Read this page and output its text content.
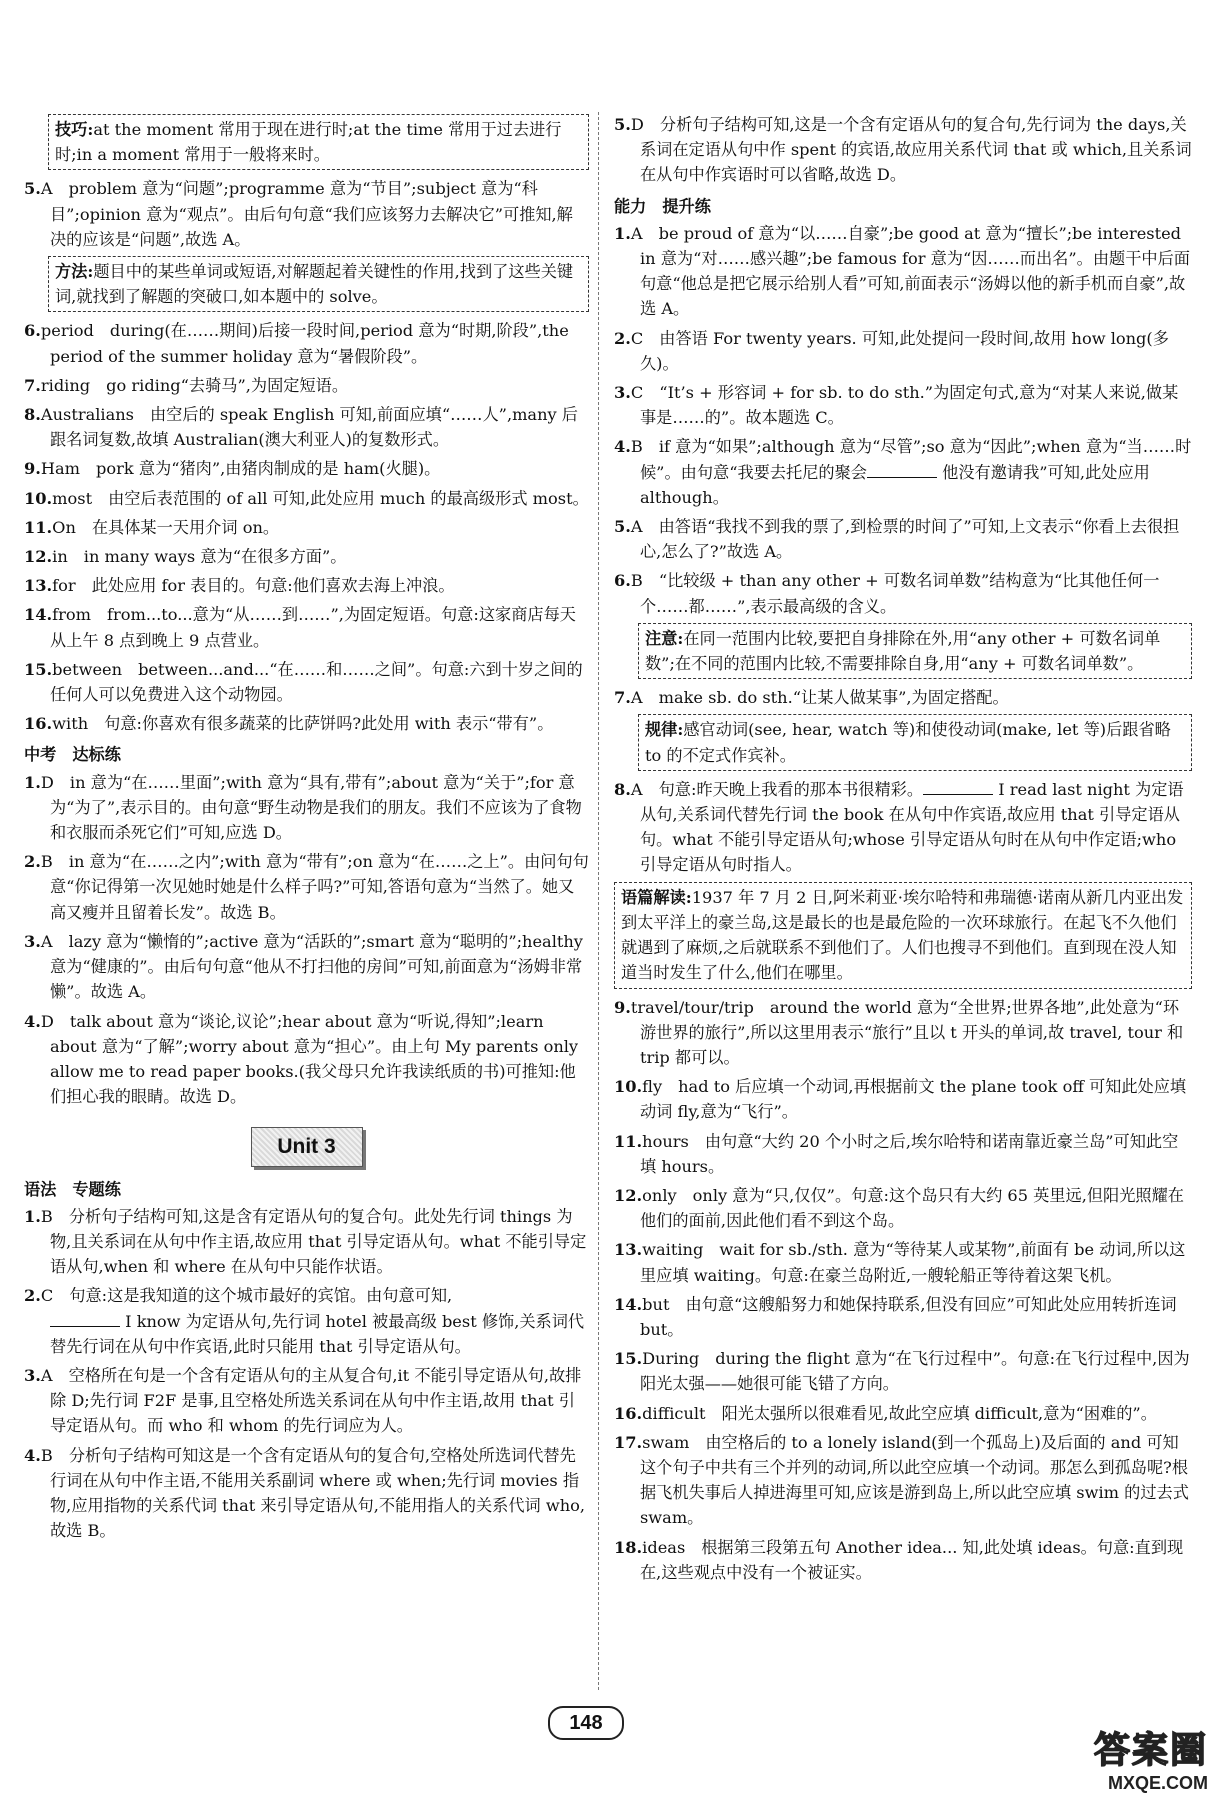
技巧:at the moment 常用于现在进行时;at the time 常用于过去进行时;in a moment 常用于一般将来时。
5.A problem 意为“问题”;programme 意为“节目”;subject 意为“科目”;opinion 意为“观点”。由后句句意“我们应该努力去解决它”可推知,解决的应该是“问题”,故选 A。
方法:题目中的某些单词或短语,对解题起着关键性的作用,找到了这些关键词,就找到了解题的突破口,如本题中的 solve。
6.period during(在……期间)后接一段时间,period 意为“时期,阶段”,the period of the summer holiday 意为“暑假阶段”。
7.riding go riding“去骑马”,为固定短语。
8.Australians 由空后的 speak English 可知,前面应填“……人”,many 后跟名词复数,故填 Australian(澳大利亚人)的复数形式。
9.Ham pork 意为“猪肉”,由猪肉制成的是 ham(火腿)。
10.most 由空后表范围的 of all 可知,此处应用 much 的最高级形式 most。
11.On 在具体某一天用介词 on。
12.in in many ways 意为“在很多方面”。
13.for 此处应用 for 表目的。句意:他们喜欢去海上冲浪。
14.from from...to...意为“从……到……”,为固定短语。句意:这家商店每天从上午 8 点到晚上 9 点营业。
15.between between...and...“在……和……之间”。句意:六到十岁之间的任何人可以免费进入这个动物园。
16.with 句意:你喜欢有很多蔬菜的比萨饼吗?此处用 with 表示“带有”。
中考 达标练
1.D in 意为“在……里面”;with 意为“具有,带有”;about 意为“关于”;for 意为“为了”,表示目的。由句意“野生动物是我们的朋友。我们不应该为了食物和衣服而杀死它们”可知,应选 D。
2.B in 意为“在……之内”;with 意为“带有”;on 意为“在……之上”。由问句句意“你记得第一次见她时她是什么样子吗?”可知,答语句意为“当然了。她又高又瘦并且留着长发”。故选 B。
3.A lazy 意为“懒惰的”;active 意为“活跃的”;smart 意为“聪明的”;healthy 意为“健康的”。由后句句意“他从不打扫他的房间”可知,前面意为“汤姆非常懒”。故选 A。
4.D talk about 意为“谈论,议论”;hear about 意为“听说,得知”;learn about 意为“了解”;worry about 意为“担心”。由上句 My parents only allow me to read paper books.(我父母只允许我读纸质的书)可推知:他们担心我的眼睛。故选 D。
Unit 3
语法 专题练
1.B 分析句子结构可知,这是含有定语从句的复合句。此处先行词 things 为物,且关系词在从句中作主语,故应用 that 引导定语从句。what 不能引导定语从句,when 和 where 在从句中只能作状语。
2.C 句意:这是我知道的这个城市最好的宾馆。由句意可知,
I know 为定语从句,先行词 hotel 被最高级 best 修饰,关系词代替先行词在从句中作宾语,此时只能用 that 引导定语从句。
3.A 空格所在句是一个含有定语从句的主从复合句,it 不能引导定语从句,故排除 D;先行词 F2F 是事,且空格处所选关系词在从句中作主语,故用 that 引导定语从句。而 who 和 whom 的先行词应为人。
4.B 分析句子结构可知这是一个含有定语从句的复合句,空格处所选词代替先行词在从句中作主语,不能用关系副词 where 或 when;先行词 movies 指物,应用指物的关系代词 that 来引导定语从句,不能用指人的关系代词 who,故选 B。
5.D 分析句子结构可知,这是一个含有定语从句的复合句,先行词为 the days,关系词在定语从句中作 spent 的宾语,故应用关系代词 that 或 which,且关系词在从句中作宾语时可以省略,故选 D。
能力 提升练
1.A be proud of 意为“以……自豪”;be good at 意为“擅长”;be interested in 意为“对……感兴趣”;be famous for 意为“因……而出名”。由题干中后面句意“他总是把它展示给别人看”可知,前面表示“汤姆以他的新手机而自豪”,故选 A。
2.C 由答语 For twenty years. 可知,此处提问一段时间,故用 how long(多久)。
3.C “It’s + 形容词 + for sb. to do sth.”为固定句式,意为“对某人来说,做某事是……的”。故本题选 C。
4.B if 意为“如果”;although 意为“尽管”;so 意为“因此”;when 意为“当……时候”。由句意“我要去托尼的聚会	他没有邀请我”可知,此处应用 although。
5.A 由答语“我找不到我的票了,到检票的时间了”可知,上文表示“你看上去很担心,怎么了?”故选 A。
6.B “比较级 + than any other + 可数名词单数”结构意为“比其他任何一个……都……”,表示最高级的含义。
注意:在同一范围内比较,要把自身排除在外,用“any other + 可数名词单数”;在不同的范围内比较,不需要排除自身,用“any + 可数名词单数”。
7.A make sb. do sth.“让某人做某事”,为固定搭配。
规律:感官动词(see, hear, watch 等)和使役动词(make, let 等)后跟省略 to 的不定式作宾补。
8.A 句意:昨天晚上我看的那本书很精彩。	I read last night 为定语从句,关系词代替先行词 the book 在从句中作宾语,故应用 that 引导定语从句。what 不能引导定语从句;whose 引导定语从句时在从句中作定语;who 引导定语从句时指人。
语篇解读:1937 年 7 月 2 日,阿米莉亚·埃尔哈特和弗瑞德·诺南从新几内亚出发到太平洋上的豪兰岛,这是最长的也是最危险的一次环球旅行。在起飞不久他们就遇到了麻烦,之后就联系不到他们了。人们也搜寻不到他们。直到现在没人知道当时发生了什么,他们在哪里。
9.travel/tour/trip around the world 意为“全世界;世界各地”,此处意为“环游世界的旅行”,所以这里用表示“旅行”且以 t 开头的单词,故 travel, tour 和 trip 都可以。
10.fly had to 后应填一个动词,再根据前文 the plane took off 可知此处应填动词 fly,意为“飞行”。
11.hours 由句意“大约 20 个小时之后,埃尔哈特和诺南靠近豪兰岛”可知此空填 hours。
12.only only 意为“只,仅仅”。句意:这个岛只有大约 65 英里远,但阳光照耀在他们的面前,因此他们看不到这个岛。
13.waiting wait for sb./sth. 意为“等待某人或某物”,前面有 be 动词,所以这里应填 waiting。句意:在豪兰岛附近,一艘轮船正等待着这架飞机。
14.but 由句意“这艘船努力和她保持联系,但没有回应”可知此处应用转折连词 but。
15.During during the flight 意为“在飞行过程中”。句意:在飞行过程中,因为阳光太强——她很可能飞错了方向。
16.difficult 阳光太强所以很难看见,故此空应填 difficult,意为“困难的”。
17.swam 由空格后的 to a lonely island(到一个孤岛上)及后面的 and 可知这个句子中共有三个并列的动词,所以此空应填一个动词。那怎么到孤岛呢?根据飞机失事后人掉进海里可知,应该是游到岛上,所以此空应填 swim 的过去式 swam。
18.ideas 根据第三段第五句 Another idea... 知,此处填 ideas。句意:直到现在,这些观点中没有一个被证实。
148
答案圈
MXQE.COM
